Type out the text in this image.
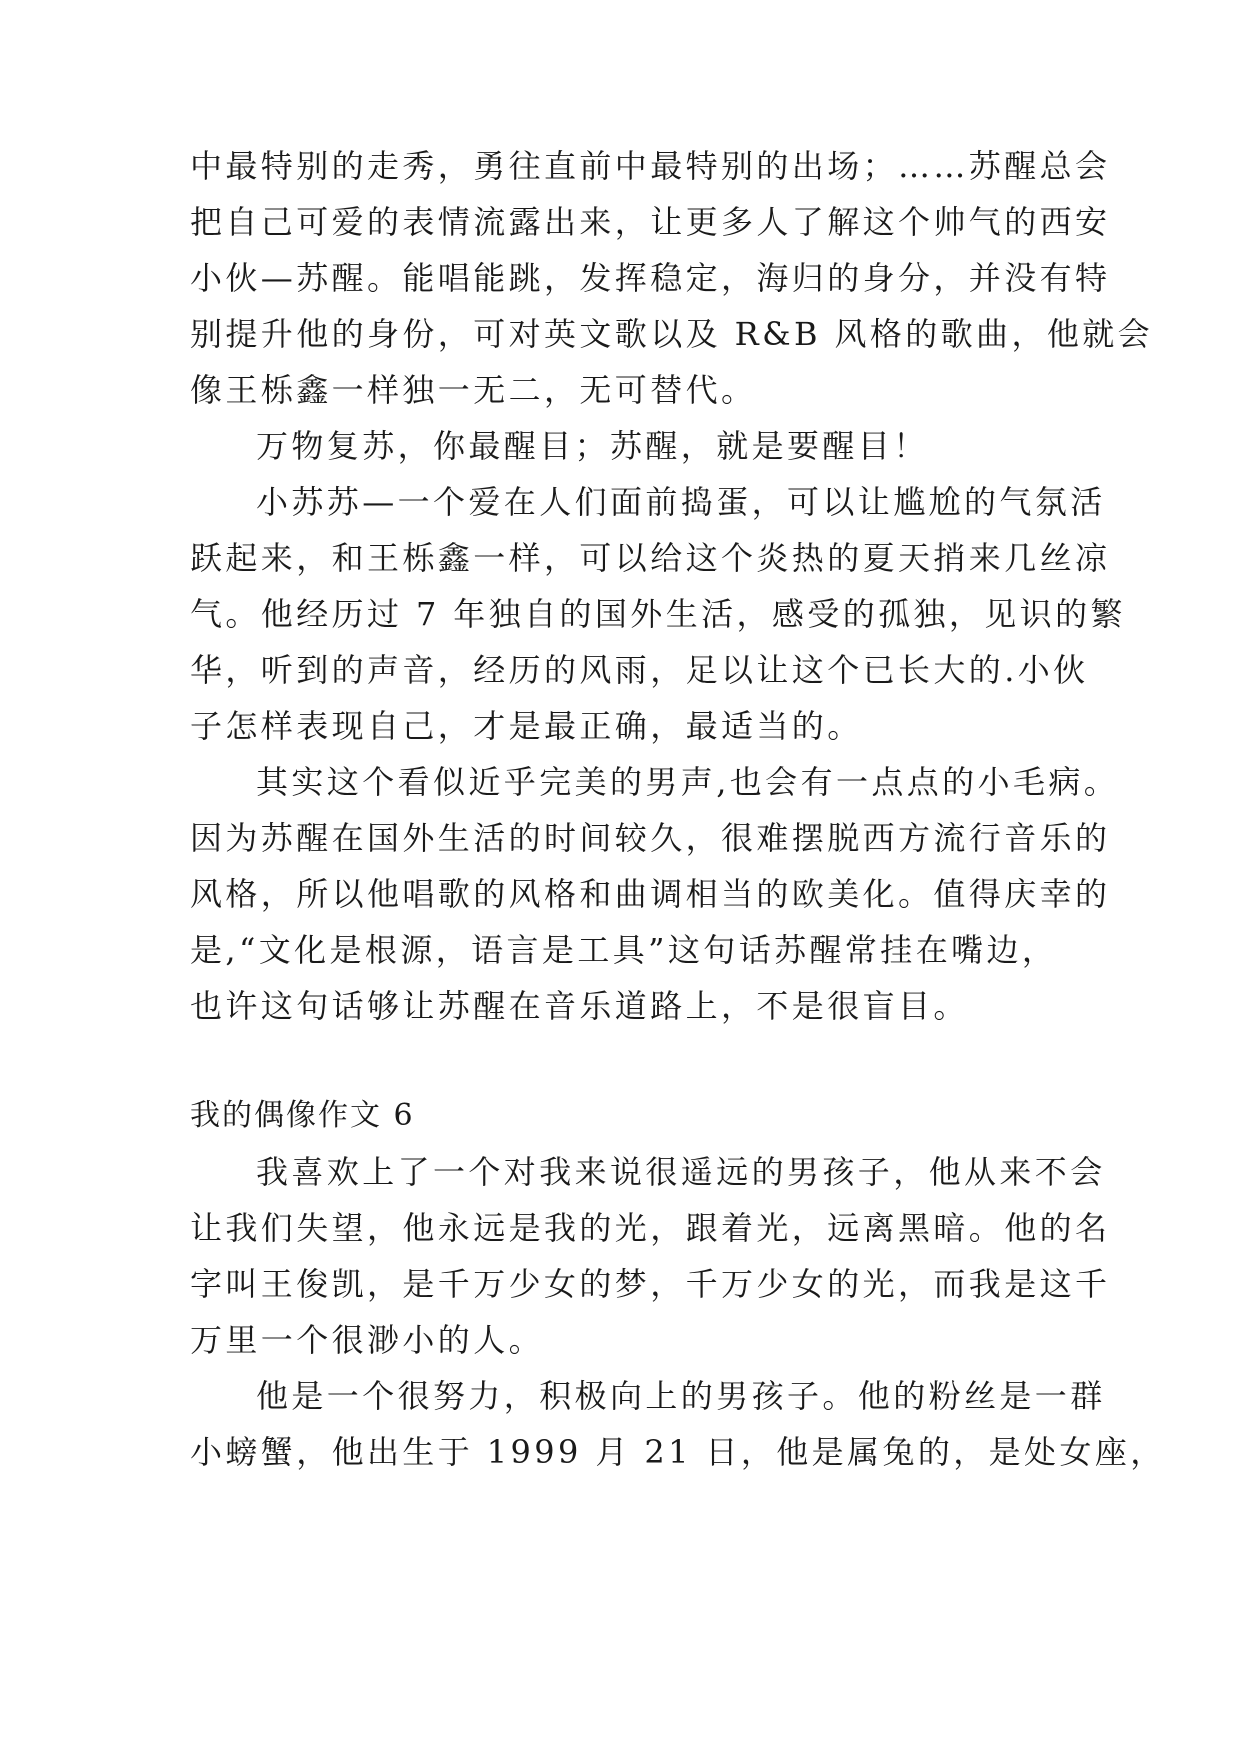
中最特别的走秀，勇往直前中最特别的出场；……苏醒总会
把自己可爱的表情流露出来，让更多人了解这个帅气的西安
小伙—苏醒。能唱能跳，发挥稳定，海归的身分，并没有特
别提升他的身份，可对英文歌以及 R&B 风格的歌曲，他就会
像王栎鑫一样独一无二，无可替代。
万物复苏，你最醒目；苏醒，就是要醒目！
小苏苏—一个爱在人们面前捣蛋，可以让尴尬的气氛活
跃起来，和王栎鑫一样，可以给这个炎热的夏天捎来几丝凉
气。他经历过 7 年独自的国外生活，感受的孤独，见识的繁
华，听到的声音，经历的风雨，足以让这个已长大的.小伙
子怎样表现自己，才是最正确，最适当的。
其实这个看似近乎完美的男声,也会有一点点的小毛病。
因为苏醒在国外生活的时间较久，很难摆脱西方流行音乐的
风格，所以他唱歌的风格和曲调相当的欧美化。值得庆幸的
是,“文化是根源，语言是工具”这句话苏醒常挂在嘴边，
也许这句话够让苏醒在音乐道路上，不是很盲目。
我的偶像作文 6
我喜欢上了一个对我来说很遥远的男孩子，他从来不会
让我们失望，他永远是我的光，跟着光，远离黑暗。他的名
字叫王俊凯，是千万少女的梦，千万少女的光，而我是这千
万里一个很渺小的人。
他是一个很努力，积极向上的男孩子。他的粉丝是一群
小螃蟹，他出生于 1999 月 21 日，他是属兔的，是处女座，
